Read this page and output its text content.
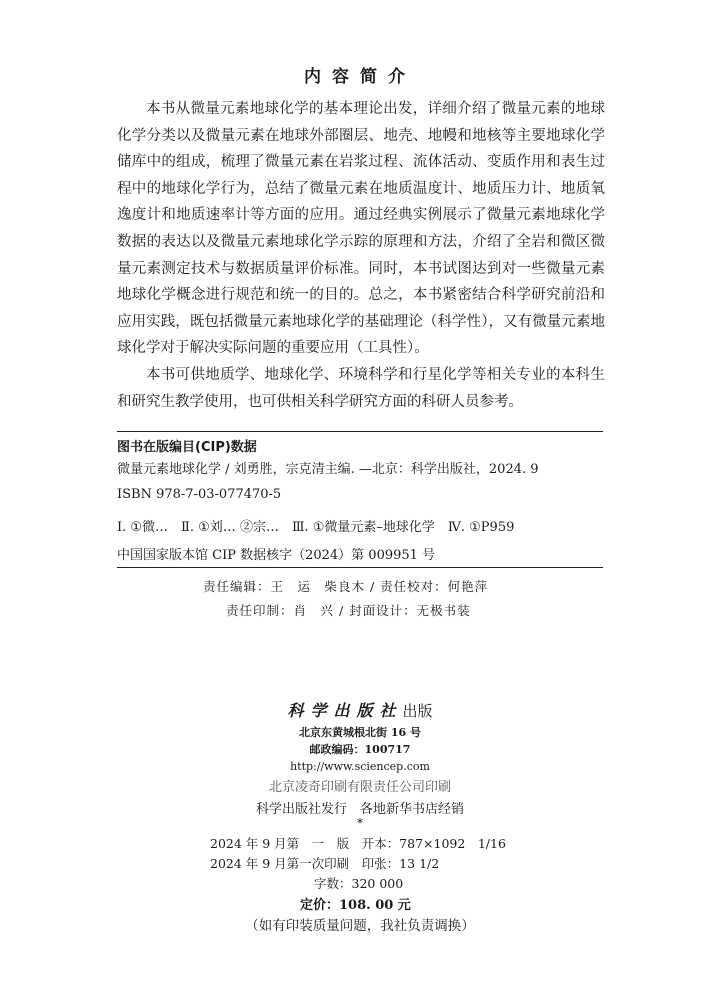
内容简介

本书从微量元素地球化学的基本理论出发，详细介绍了微量元素的地球化学分类以及微量元素在地球外部圈层、地壳、地幔和地核等主要地球化学储库中的组成，梳理了微量元素在岩浆过程、流体活动、变质作用和表生过程中的地球化学行为，总结了微量元素在地质温度计、地质压力计、地质氧逸度计和地质速率计等方面的应用。通过经典实例展示了微量元素地球化学数据的表达以及微量元素地球化学示踪的原理和方法，介绍了全岩和微区微量元素测定技术与数据质量评价标准。同时，本书试图达到对一些微量元素地球化学概念进行规范和统一的目的。总之，本书紧密结合科学研究前沿和应用实践，既包括微量元素地球化学的基础理论（科学性），又有微量元素地球化学对于解决实际问题的重要应用（工具性）。

本书可供地质学、地球化学、环境科学和行星化学等相关专业的本科生和研究生教学使用，也可供相关科学研究方面的科研人员参考。

图书在版编目(CIP)数据
微量元素地球化学 / 刘勇胜，宗克清主编. —北京：科学出版社，2024. 9
ISBN 978-7-03-077470-5
Ⅰ. ①微…　Ⅱ. ①刘… ②宗…　Ⅲ. ①微量元素–地球化学　Ⅳ. ①P959
中国国家版本馆 CIP 数据核字（2024）第 009951 号
责任编辑：王　运　柴良木 / 责任校对：何艳萍
责任印制：肖　兴 / 封面设计：无极书装
科学出版社出版
北京东黄城根北街 16 号
邮政编码：100717
http://www.sciencep.com
北京凌奇印刷有限责任公司印刷
科学出版社发行　各地新华书店经销
*
2024 年 9 月第　一　版　开本：787×1092　1/16
2024 年 9 月第一次印刷　印张：13 1/2
字数：320 000
定价：108. 00 元
（如有印装质量问题，我社负责调换）
